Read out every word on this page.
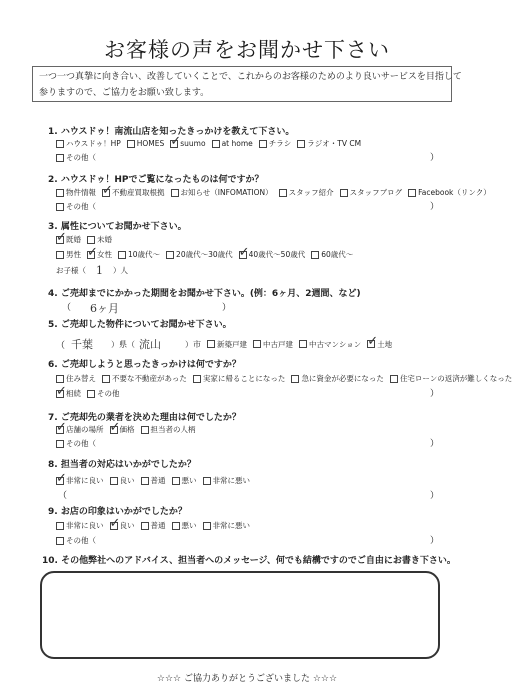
お客様の声をお聞かせ下さい
一つ一つ真摯に向き合い、改善していくことで、これからのお客様のためのより良いサービスを目指して
参りますので、ご協力をお願い致します。
1. ハウスドゥ！南流山店を知ったきっかけを教えて下さい。
ハウスドゥ！HP HOMES ✓ suumo at home チラシ ラジオ・TV CM
その他（	）
2. ハウスドゥ！HPでご覧になったものは何ですか？
物件情報 ✓ 不動産買取根拠 お知らせ（INFOMATION） スタッフ紹介 スタッフブログ Facebook（リンク）
その他（	）
3. 属性についてお聞かせ下さい。
✓
既婚 未婚
男性 ✓ 女性 10歳代〜 20歳代〜30歳代 ✓ 40歳代〜50歳代 60歳代〜
お子様（ 1 ）人
4. ご売却までにかかった期間をお聞かせ下さい。(例：6ヶ月、2週間、など)
（ 6ヶ月	）
5. ご売却した物件についてお聞かせ下さい。
（ 千葉 ）県（ 流山	）市 新築戸建 中古戸建 中古マンション ✓ 土地
6. ご売却しようと思ったきっかけは何ですか？
住み替え 不要な不動産があった 実家に帰ることになった 急に資金が必要になった 住宅ローンの返済が難しくなった
✓
相続 その他	）
7. ご売却先の業者を決めた理由は何でしたか？
✓
店舗の場所 ✓ 価格 担当者の人柄
その他（	）
8. 担当者の対応はいかがでしたか？
✓
非常に良い 良い 普通 悪い 非常に悪い
（	）
9. お店の印象はいかがでしたか？
非常に良い ✓ 良い 普通 悪い 非常に悪い
その他（	）
10. その他弊社へのアドバイス、担当者へのメッセージ、何でも結構ですのでご自由にお書き下さい。
☆☆☆ ご協力ありがとうございました ☆☆☆
